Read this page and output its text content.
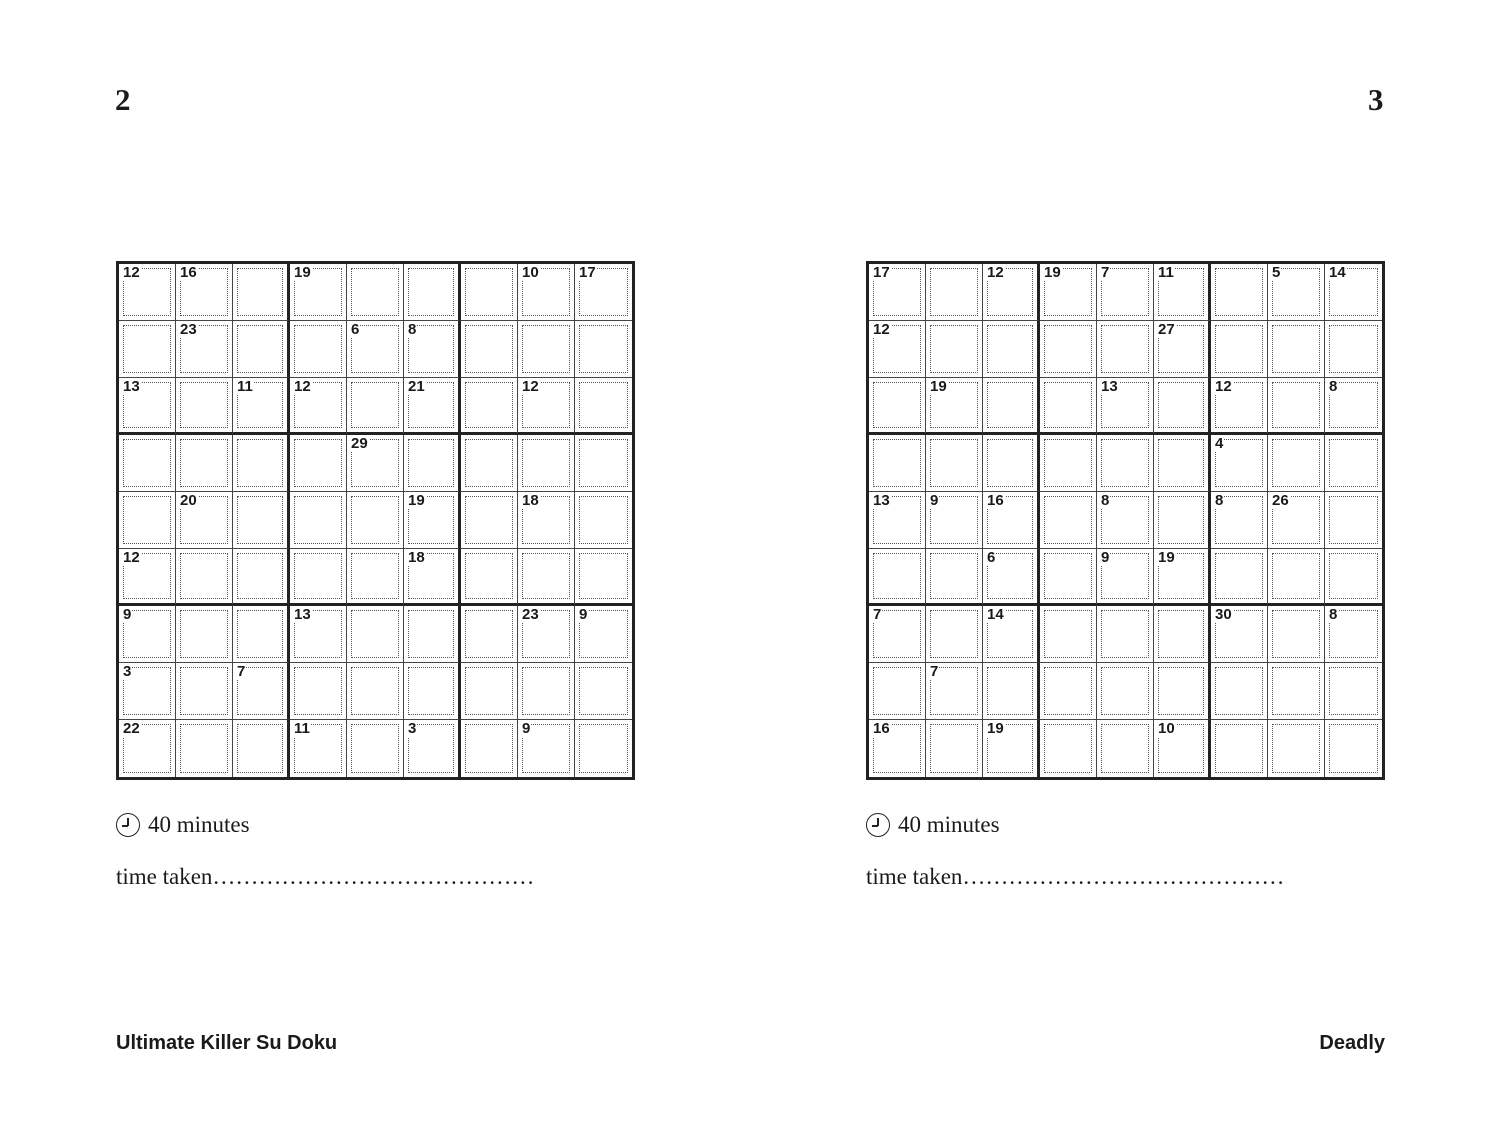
2	3
12	16	19	10	17
23	6	8
13	11	12	21	12
29
20	19	18
12	18
9	13	23	9
3	7
22	11	3	9
17	12	19	7	11	5	14
12	27
19	13	12	8
4
13	9	16	8	8	26
6	9	19
7	14	30	8
7
16	19	10
40 minutes	40 minutes
time taken……………………………………	time taken……………………………………
Ultimate Killer Su Doku	Deadly
